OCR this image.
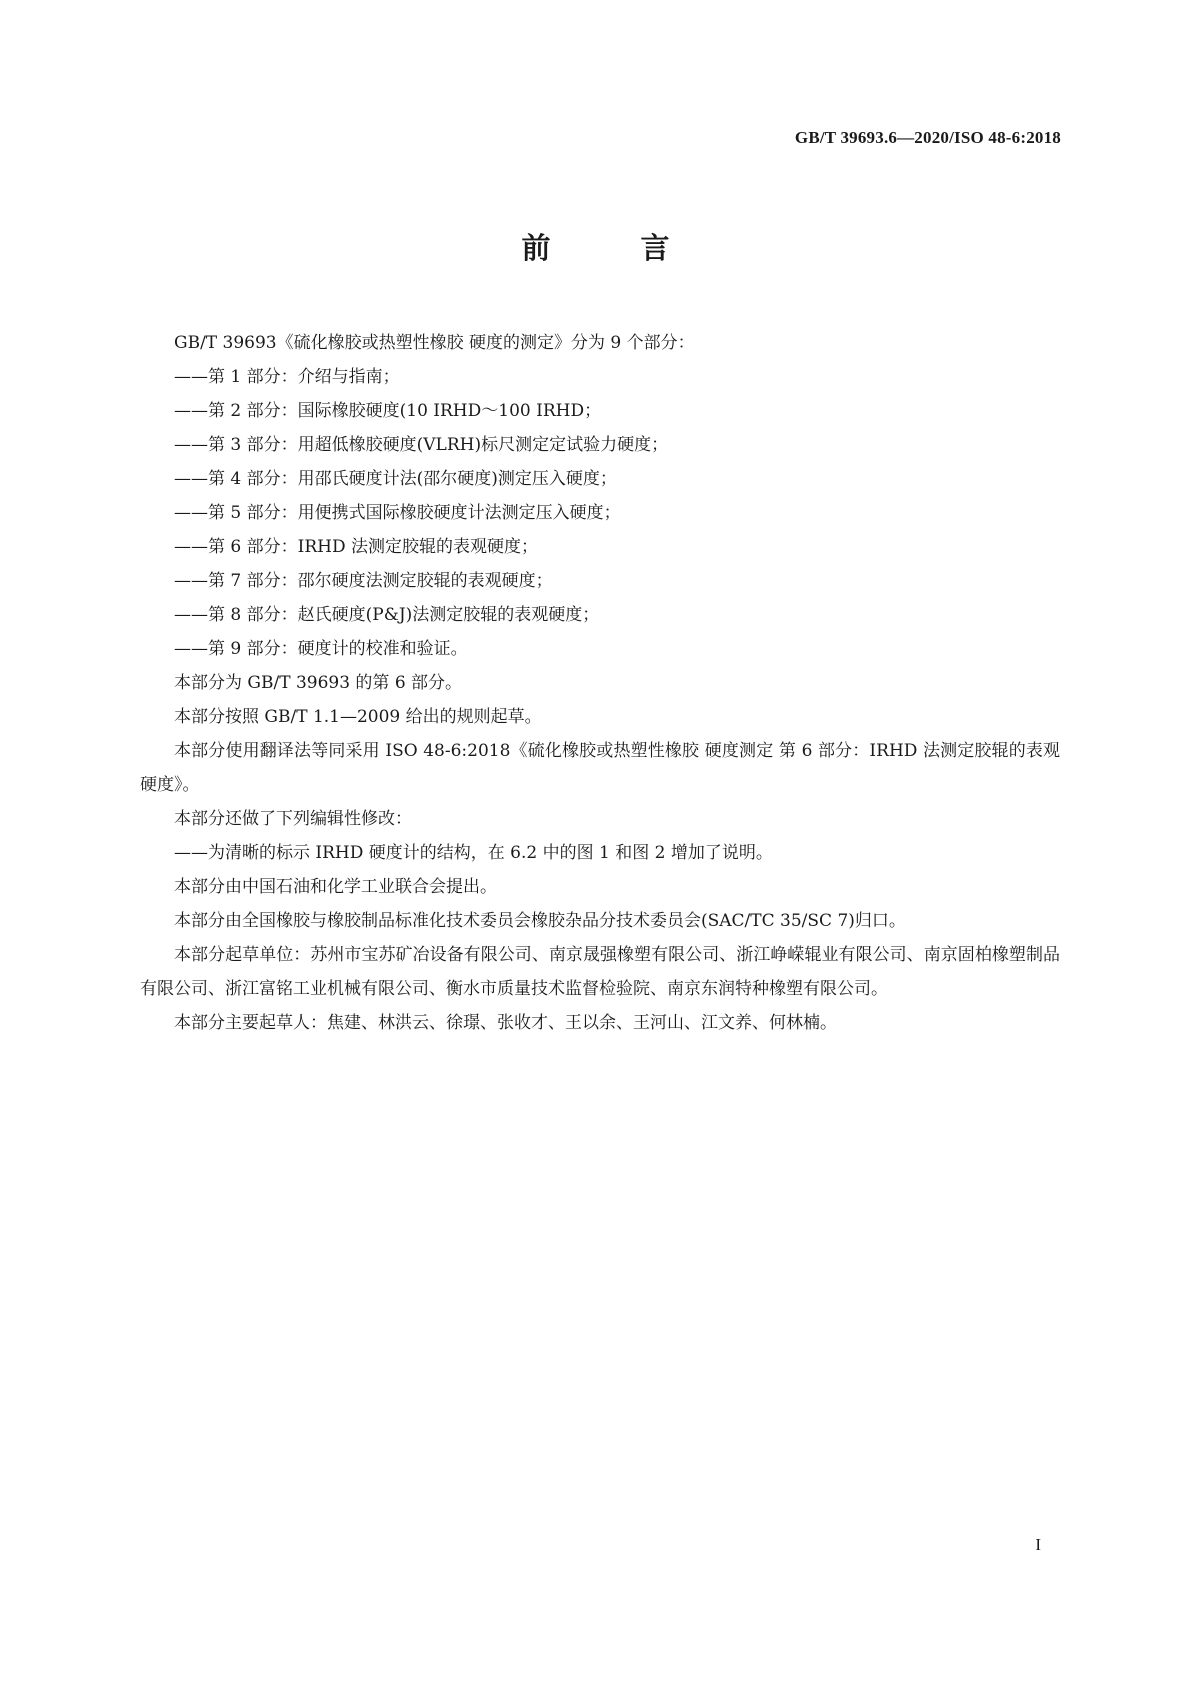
GB/T 39693.6—2020/ISO 48-6:2018
前 言

GB/T 39693《硫化橡胶或热塑性橡胶 硬度的测定》分为 9 个部分：

——第 1 部分：介绍与指南；

——第 2 部分：国际橡胶硬度(10 IRHD～100 IRHD；

——第 3 部分：用超低橡胶硬度(VLRH)标尺测定定试验力硬度；

——第 4 部分：用邵氏硬度计法(邵尔硬度)测定压入硬度；

——第 5 部分：用便携式国际橡胶硬度计法测定压入硬度；

——第 6 部分：IRHD 法测定胶辊的表观硬度；

——第 7 部分：邵尔硬度法测定胶辊的表观硬度；

——第 8 部分：赵氏硬度(P&J)法测定胶辊的表观硬度；

——第 9 部分：硬度计的校准和验证。

本部分为 GB/T 39693 的第 6 部分。

本部分按照 GB/T 1.1—2009 给出的规则起草。

本部分使用翻译法等同采用 ISO 48-6:2018《硫化橡胶或热塑性橡胶 硬度测定 第 6 部分：IRHD 法测定胶辊的表观硬度》。

本部分还做了下列编辑性修改：

——为清晰的标示 IRHD 硬度计的结构，在 6.2 中的图 1 和图 2 增加了说明。

本部分由中国石油和化学工业联合会提出。

本部分由全国橡胶与橡胶制品标准化技术委员会橡胶杂品分技术委员会(SAC/TC 35/SC 7)归口。

本部分起草单位：苏州市宝苏矿冶设备有限公司、南京晟强橡塑有限公司、浙江峥嵘辊业有限公司、南京固柏橡塑制品有限公司、浙江富铭工业机械有限公司、衡水市质量技术监督检验院、南京东润特种橡塑有限公司。

本部分主要起草人：焦建、林洪云、徐璟、张收才、王以余、王河山、江文养、何林楠。

I
